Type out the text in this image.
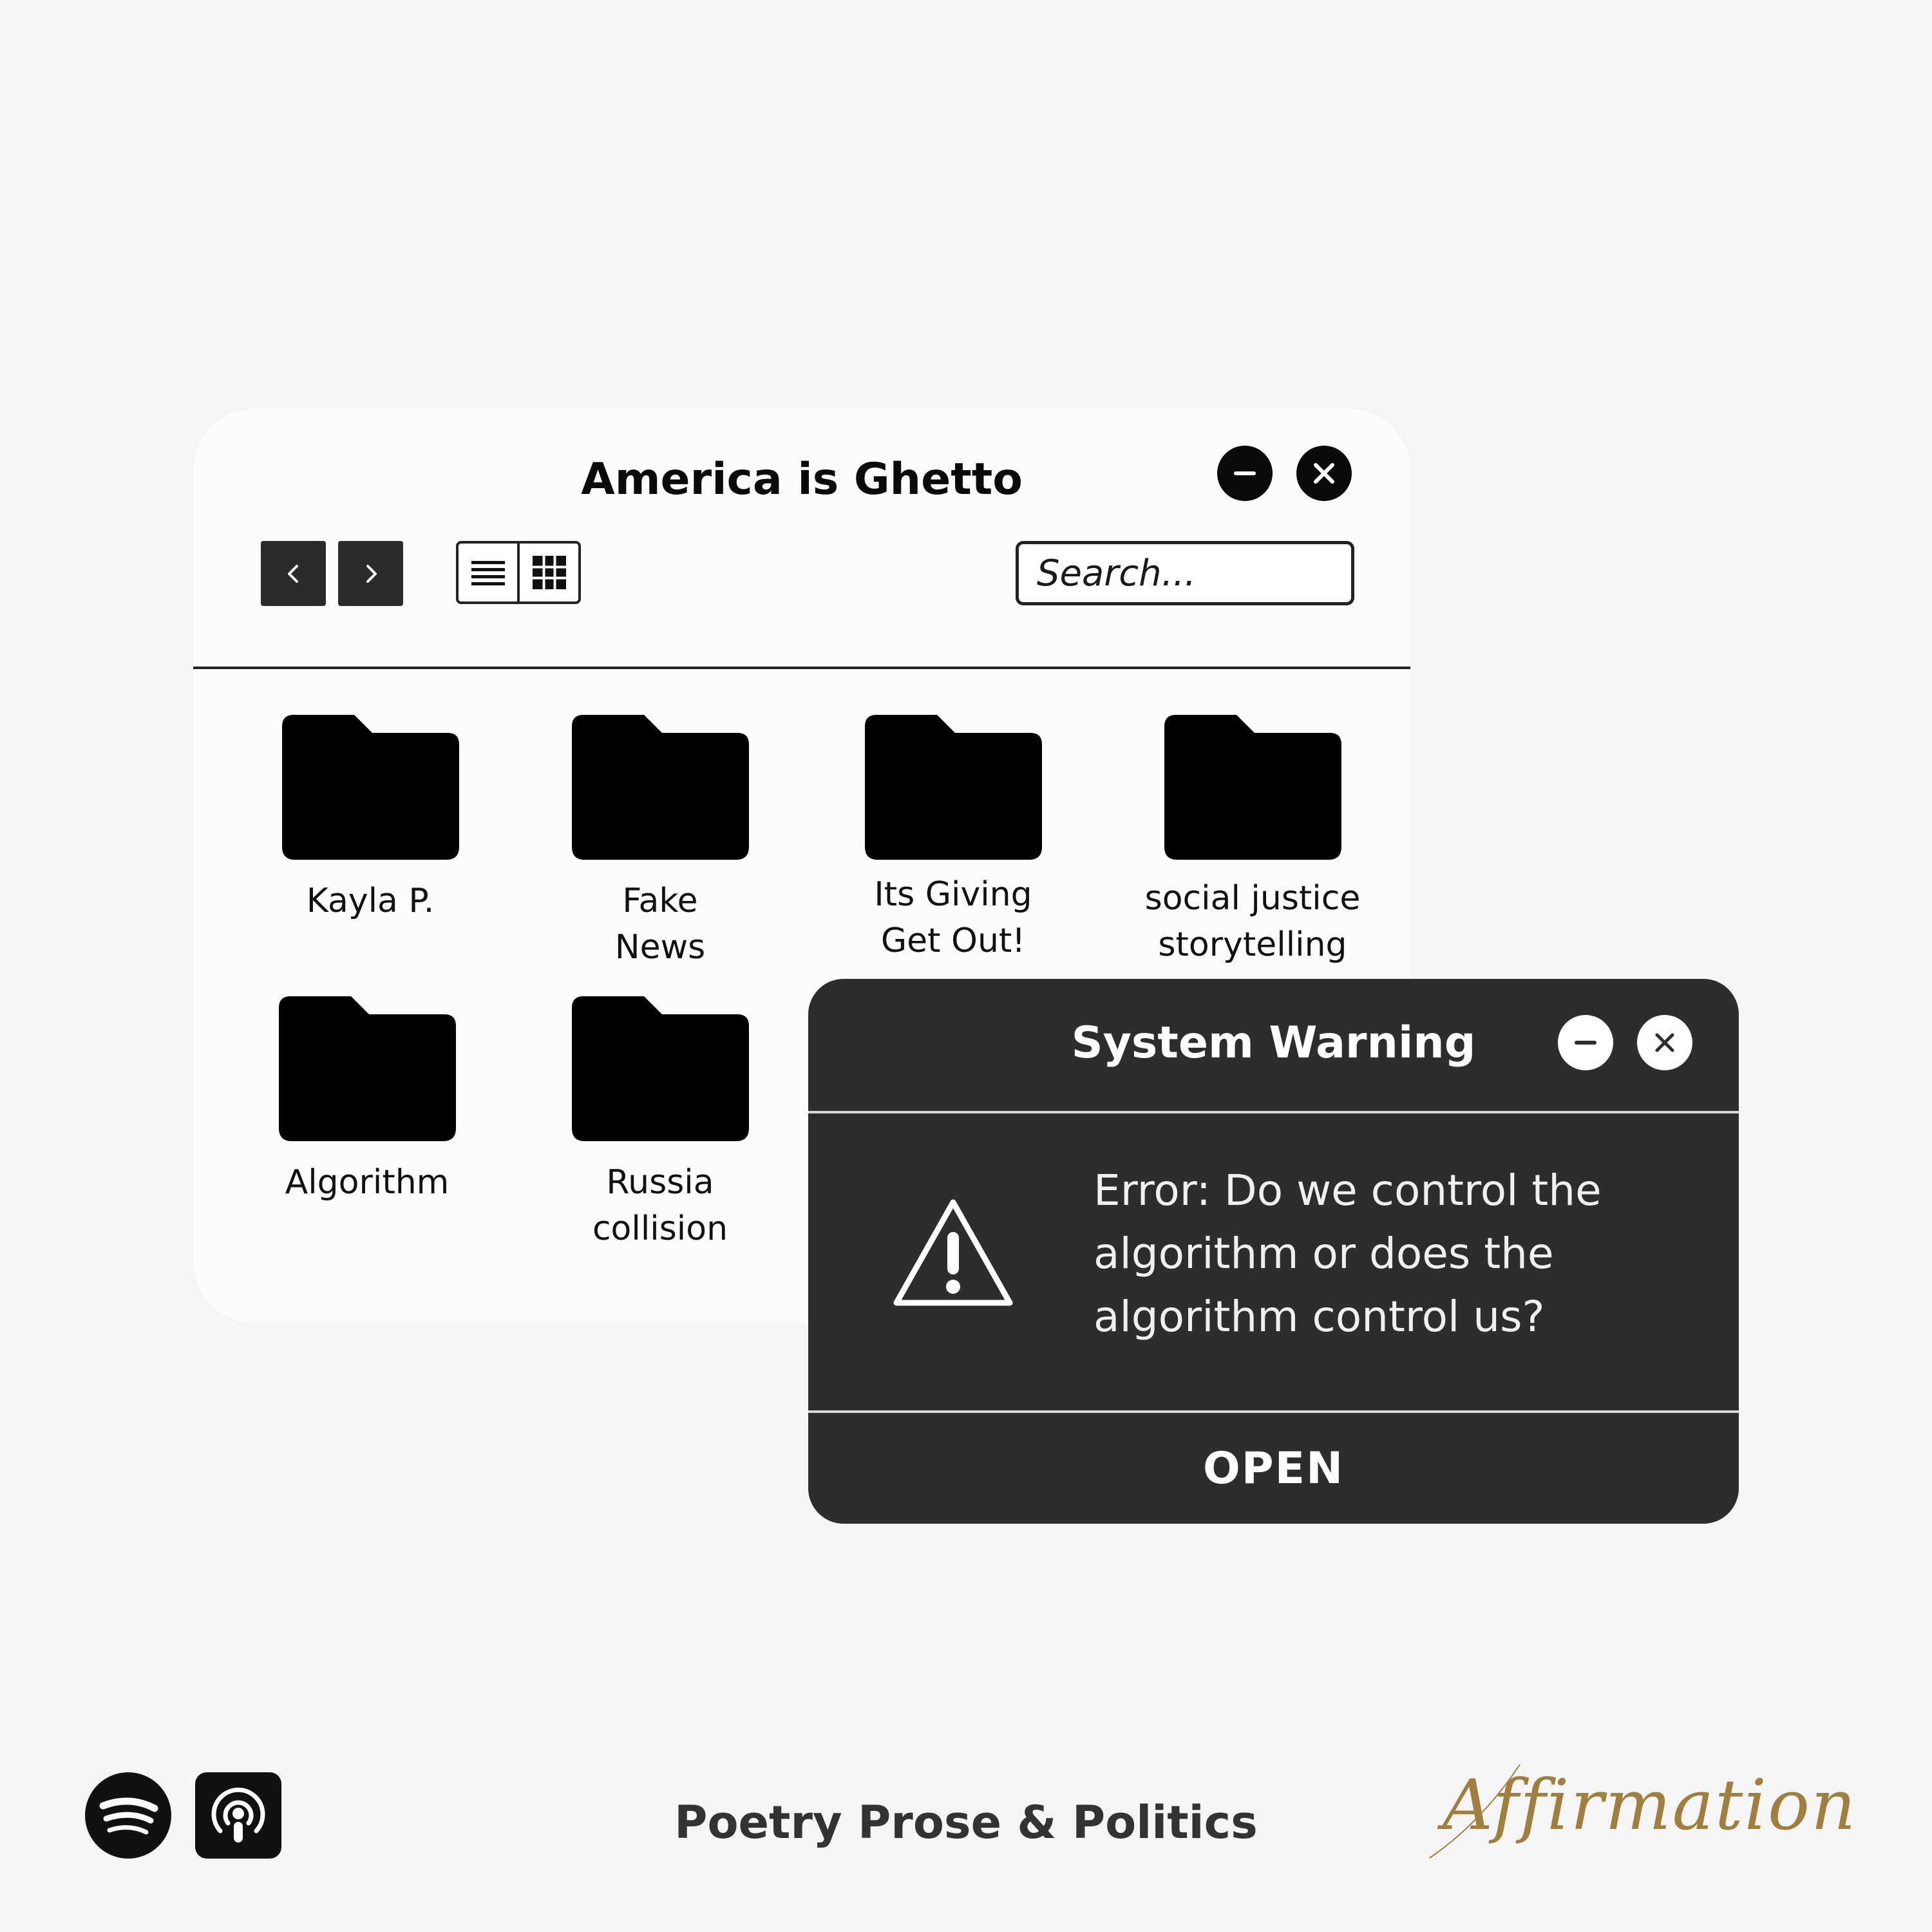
America is Ghetto
Search...
Kayla P.	Fake
News
Its Giving
Get Out!
social justice
storytelling
Algorithm	Russia
collision
System Warning
Error: Do we control the algorithm or does the algorithm control us?
OPEN
Poetry Prose & Politics	Affirmation
